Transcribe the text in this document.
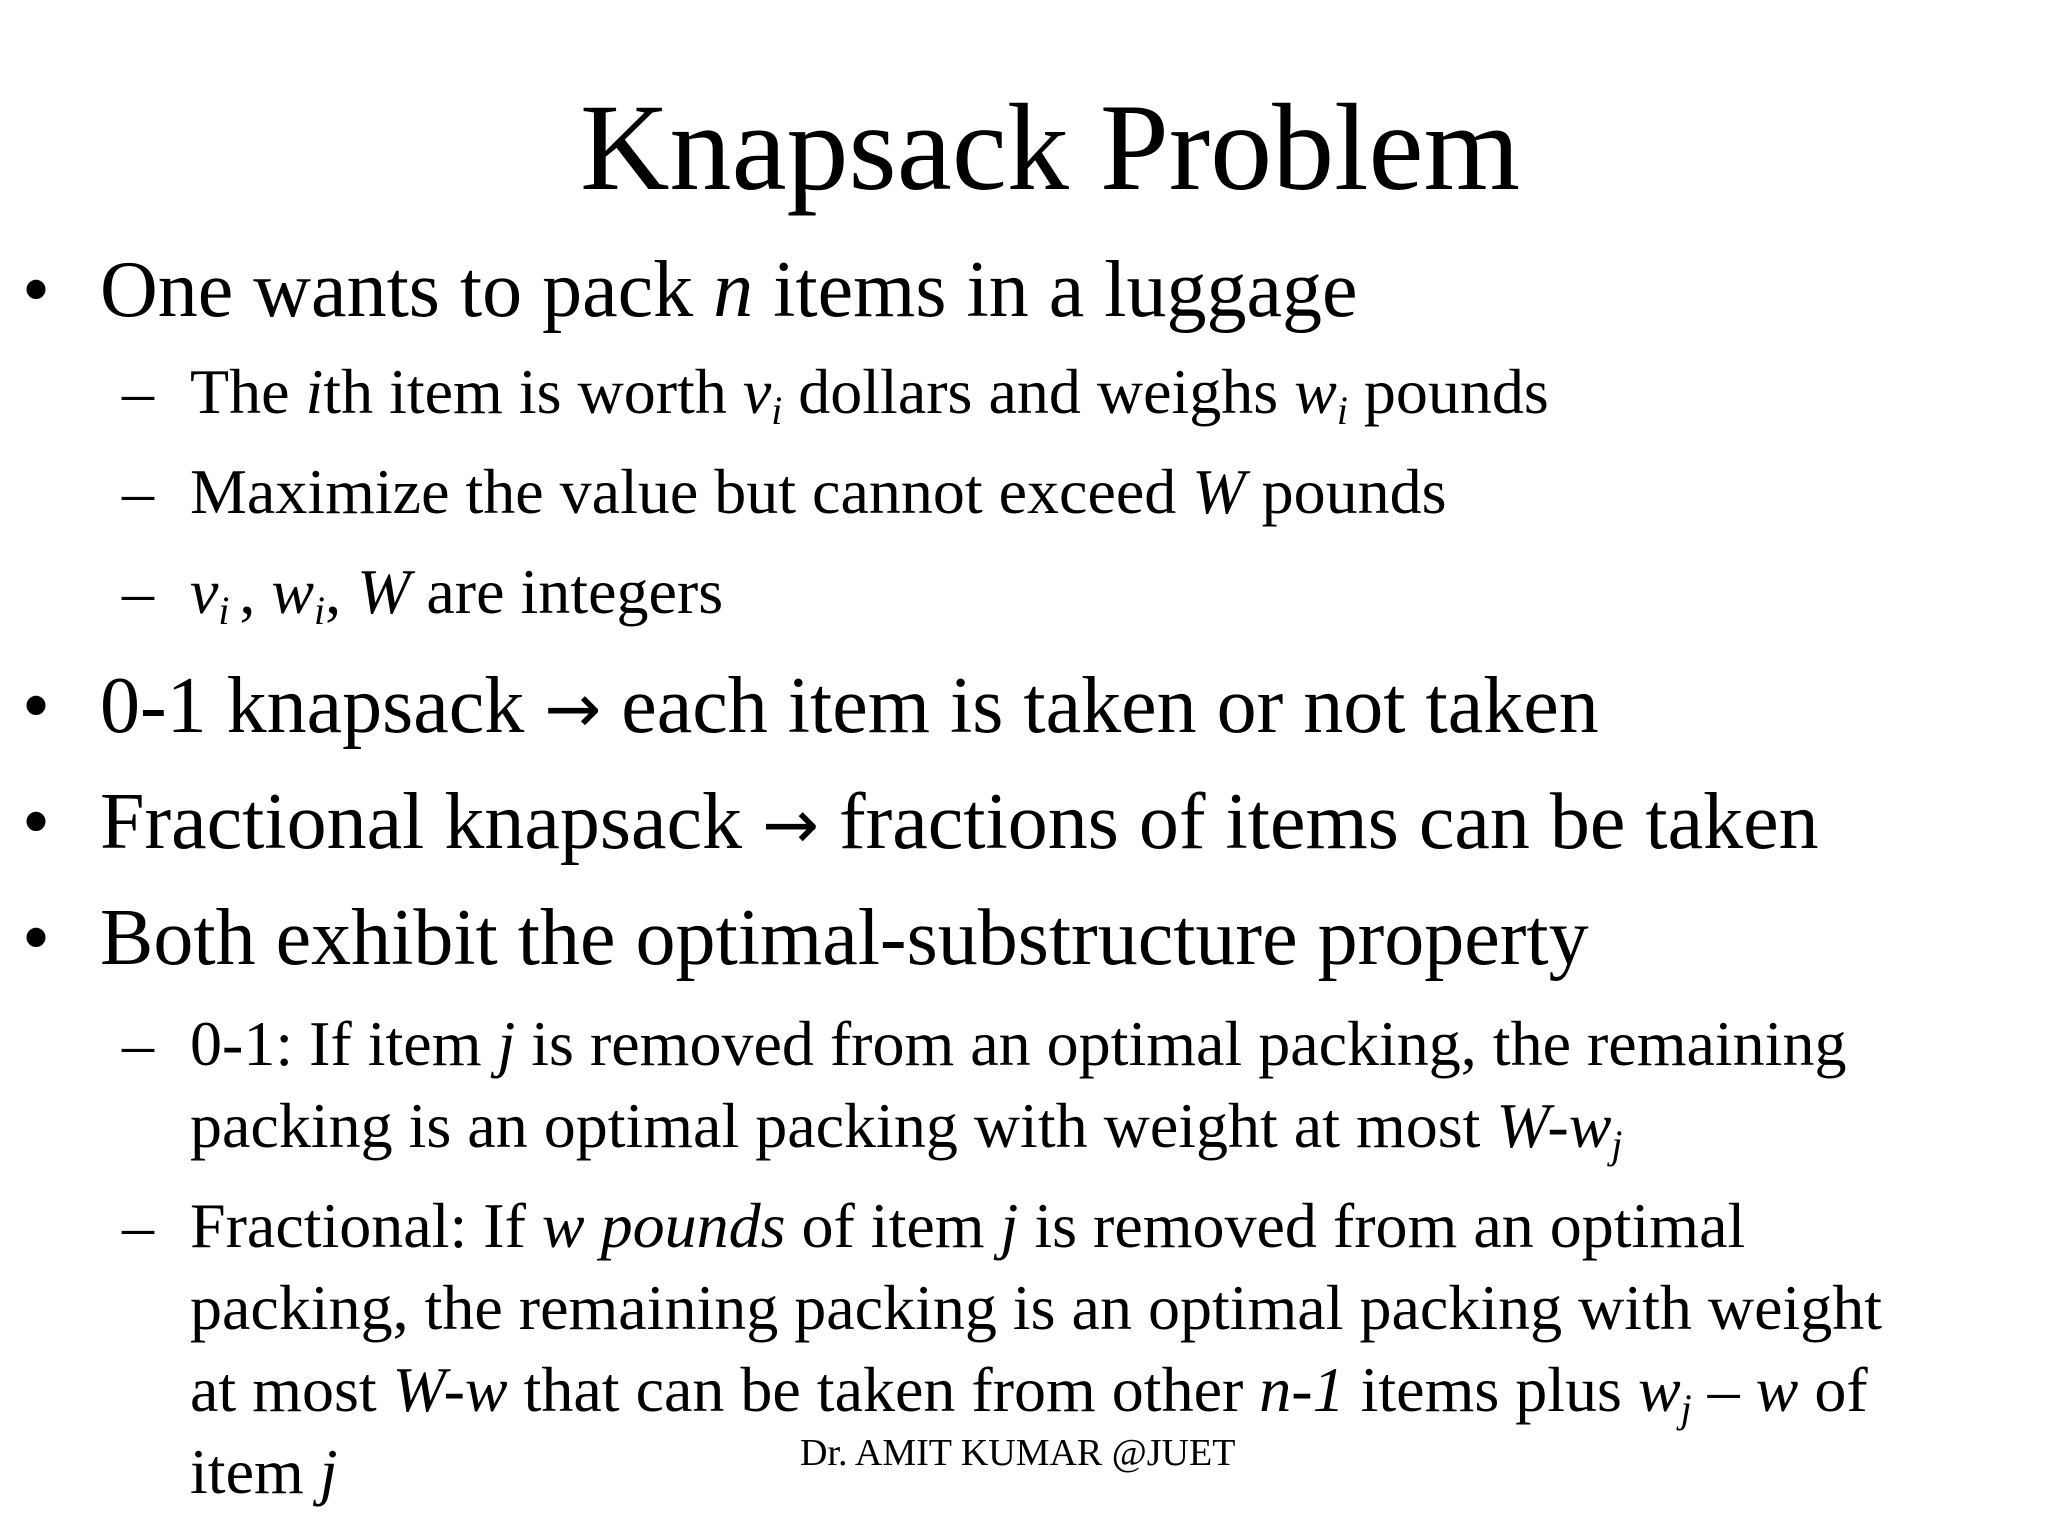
Knapsack Problem
• One wants to pack n items in a luggage
– The ith item is worth $v_i$ dollars and weighs $w_i$ pounds
– Maximize the value but cannot exceed W pounds
– $v_i$ , $w_i$, W are integers
• 0-1 knapsack → each item is taken or not taken
• Fractional knapsack → fractions of items can be taken
• Both exhibit the optimal-substructure property
– 0-1: If item j is removed from an optimal packing, the remaining
packing is an optimal packing with weight at most $W-w_j$
– Fractional: If w pounds of item j is removed from an optimal
packing, the remaining packing is an optimal packing with weight
at most W-w that can be taken from other n-1 items plus $w_j$ – w of
item j	Dr. AMIT KUMAR @JUET
